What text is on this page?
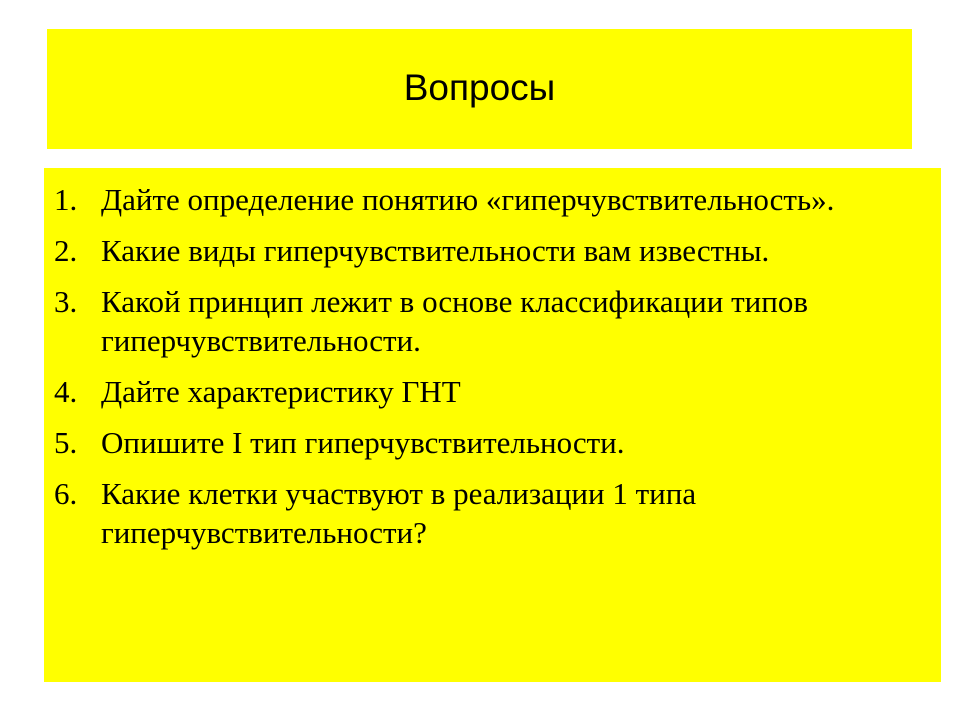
Вопросы
1. Дайте определение понятию «гиперчувствительность».
2. Какие виды гиперчувствительности вам известны.
3. Какой принцип лежит в основе классификации типов гиперчувствительности.
4. Дайте характеристику ГНТ
5. Опишите I тип гиперчувствительности.
6. Какие клетки участвуют в реализации 1 типа гиперчувствительности?
